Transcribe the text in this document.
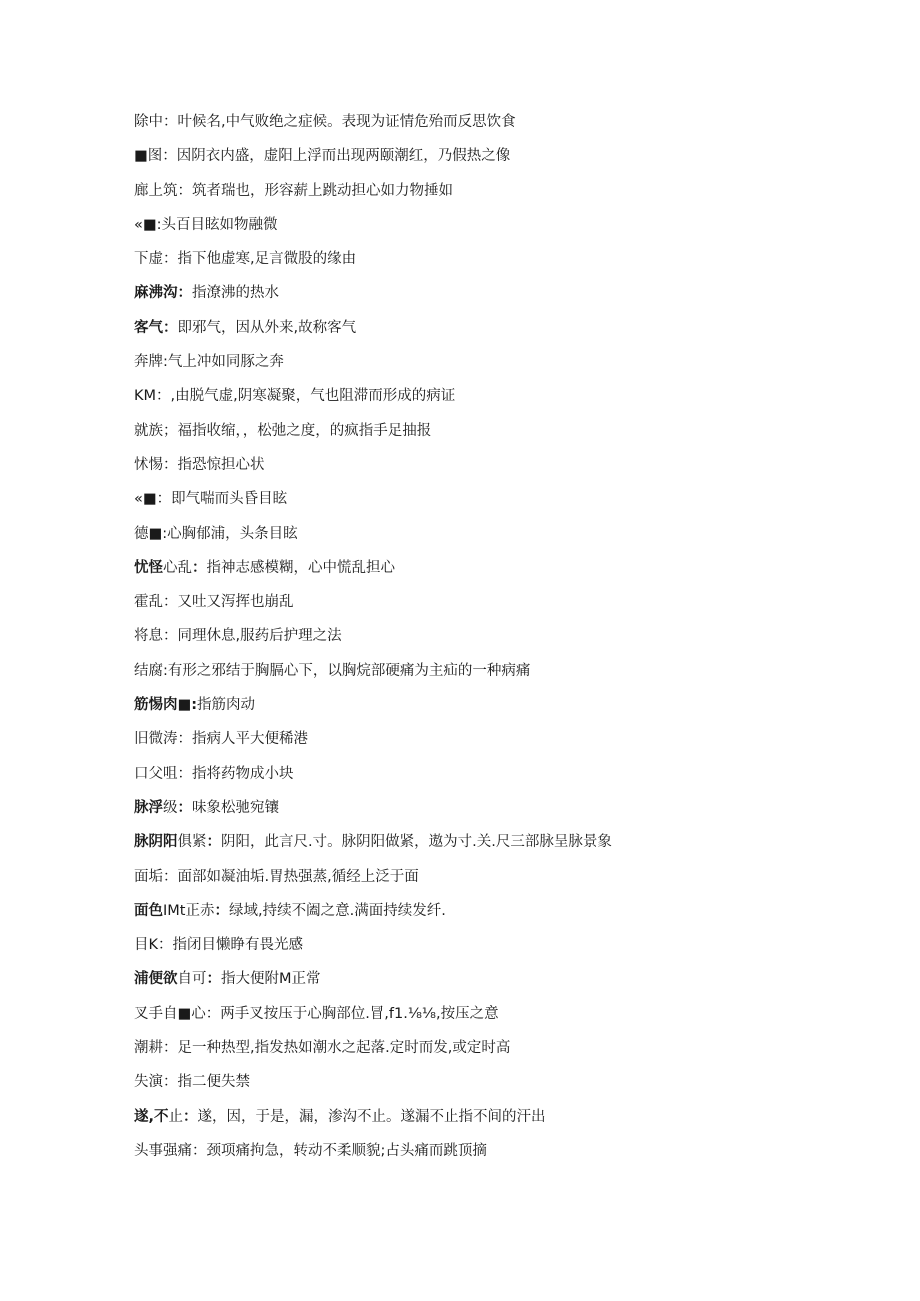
除中：叶候名,中气败绝之症候。表现为证情危殆而反思饮食
■图：因阴衣内盛，虚阳上浮而出现两颐潮红，乃假热之像
廊上筑：筑者瑞也，形容薪上跳动担心如力物捶如
«■:头百目眩如物融微
下虚：指下他虚寒,足言微股的缘由
麻沸沟：指潦沸的热水
客气：即邪气，因从外来,故称客气
奔牌:气上冲如同豚之奔
KM：,由脱气虚,阴寒凝聚，气也阻滞而形成的病证
就族；福指收缩，，松弛之度，的疯指手足抽报
怵惕：指恐惊担心状
«■：即气喘而头昏目眩
德■:心胸郁浦，头条目眩
忧怪心乱：指神志感模糊，心中慌乱担心
霍乱：又吐又泻挥也崩乱
将息：同理休息,服药后护理之法
结腐:有形之邪结于胸膈心下，以胸烷部硬痛为主疝的一种病痛
筋惕肉■:指筋肉动
旧微涛：指病人平大便稀港
口父咀：指将药物成小块
脉浮级：味象松驰宛镶
脉阴阳俱紧：阴阳，此言尺.寸。脉阴阳做紧，遨为寸.关.尺三部脉呈脉景象
面垢：面部如凝油垢.胃热强蒸,循经上泛于面
面色IMt正赤：绿域,持续不阖之意.满面持续发纤.
目K：指闭目懒睁有畏光感
浦便欲自可：指大便附M正常
叉手自■心：两手叉按压于心胸部位.冒,f1.⅛⅛,按压之意
潮耕：足一种热型,指发热如潮水之起落.定时而发,或定时高
失演：指二便失禁
遂,不止：遂，因，于是，漏，渗沟不止。遂漏不止指不间的汗出
头事强痛：颈项痛拘急，转动不柔顺貌;占头痛而跳顶摘
